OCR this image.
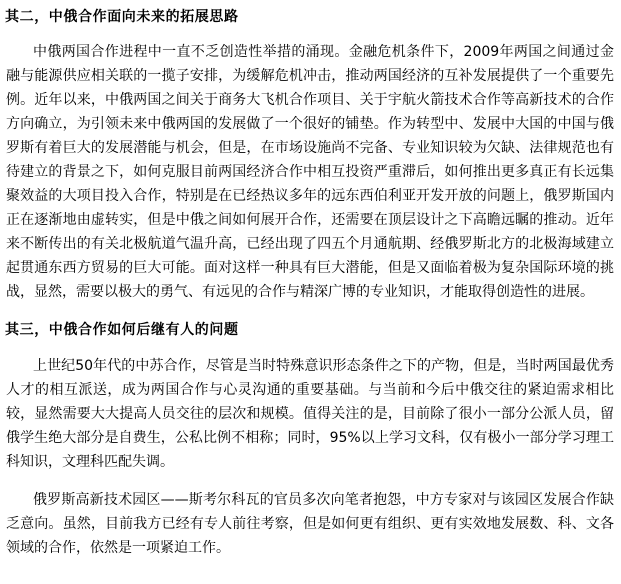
其二，中俄合作面向未来的拓展思路
中俄两国合作进程中一直不乏创造性举措的涌现。金融危机条件下，2009年两国之间通过金融与能源供应相关联的一揽子安排，为缓解危机冲击，推动两国经济的互补发展提供了一个重要先例。近年以来，中俄两国之间关于商务大飞机合作项目、关于宇航火箭技术合作等高新技术的合作方向确立，为引领未来中俄两国的发展做了一个很好的铺垫。作为转型中、发展中大国的中国与俄罗斯有着巨大的发展潜能与机会，但是，在市场设施尚不完备、专业知识较为欠缺、法律规范也有待建立的背景之下，如何克服目前两国经济合作中相互投资严重滞后，如何推出更多真正有长远集聚效益的大项目投入合作，特别是在已经热议多年的远东西伯利亚开发开放的问题上，俄罗斯国内正在逐渐地由虚转实，但是中俄之间如何展开合作，还需要在顶层设计之下高瞻远瞩的推动。近年来不断传出的有关北极航道气温升高，已经出现了四五个月通航期、经俄罗斯北方的北极海域建立起贯通东西方贸易的巨大可能。面对这样一种具有巨大潜能，但是又面临着极为复杂国际环境的挑战，显然，需要以极大的勇气、有远见的合作与精深广博的专业知识，才能取得创造性的进展。
其三，中俄合作如何后继有人的问题
上世纪50年代的中苏合作，尽管是当时特殊意识形态条件之下的产物，但是，当时两国最优秀人才的相互派送，成为两国合作与心灵沟通的重要基础。与当前和今后中俄交往的紧迫需求相比较，显然需要大大提高人员交往的层次和规模。值得关注的是，目前除了很小一部分公派人员，留俄学生绝大部分是自费生，公私比例不相称；同时，95%以上学习文科，仅有极小一部分学习理工科知识，文理科匹配失调。
俄罗斯高新技术园区——斯考尔科瓦的官员多次向笔者抱怨，中方专家对与该园区发展合作缺乏意向。虽然，目前我方已经有专人前往考察，但是如何更有组织、更有实效地发展数、科、文各领域的合作，依然是一项紧迫工作。
